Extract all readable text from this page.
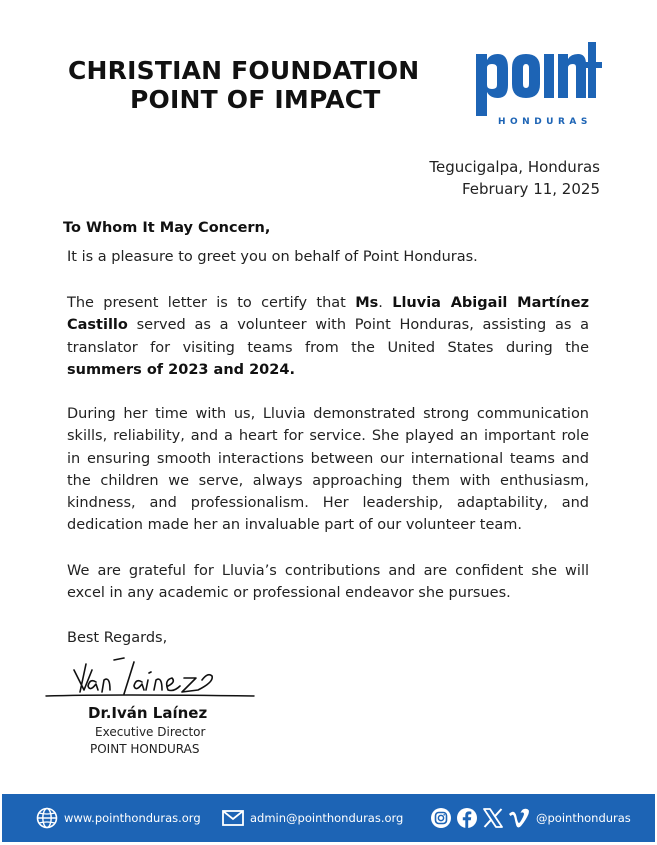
CHRISTIAN FOUNDATION
POINT OF IMPACT
HONDURAS
Tegucigalpa, Honduras
February 11, 2025
To Whom It May Concern,
It is a pleasure to greet you on behalf of Point Honduras.
The present letter is to certify that Ms. Lluvia Abigail Martínez Castillo served as a volunteer with Point Honduras, assisting as a translator for visiting teams from the United States during the summers of 2023 and 2024.
During her time with us, Lluvia demonstrated strong communication skills, reliability, and a heart for service. She played an important role in ensuring smooth interactions between our international teams and the children we serve, always approaching them with enthusiasm, kindness, and professionalism. Her leadership, adaptability, and dedication made her an invaluable part of our volunteer team.
We are grateful for Lluvia’s contributions and are confident she will excel in any academic or professional endeavor she pursues.
Best Regards,
Dr.Iván Laínez
Executive Director
POINT HONDURAS
www.pointhonduras.org	admin@pointhonduras.org	@pointhonduras
